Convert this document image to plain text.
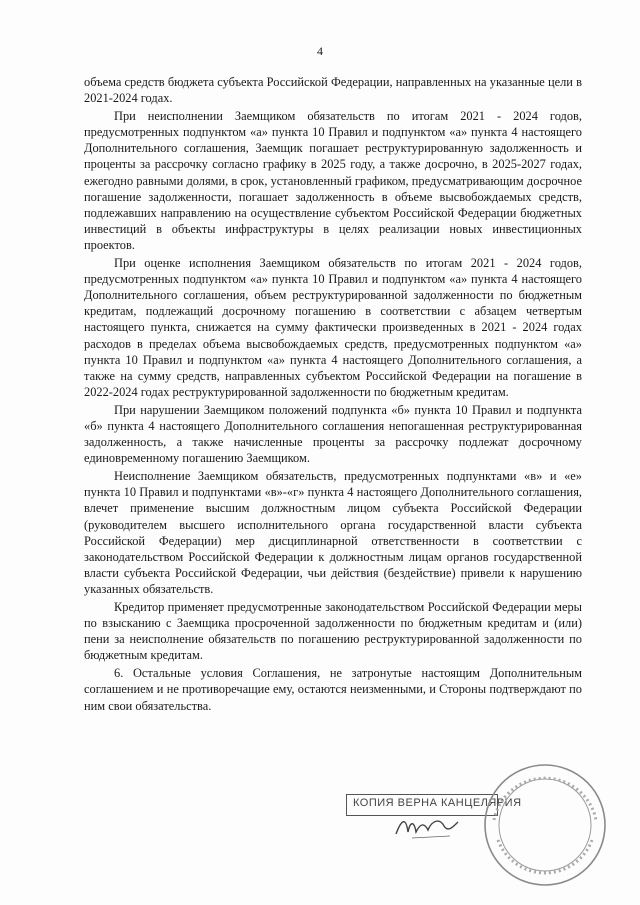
4

объема средств бюджета субъекта Российской Федерации, направленных на указанные цели в 2021-2024 годах.

При неисполнении Заемщиком обязательств по итогам 2021 - 2024 годов, предусмотренных подпунктом «а» пункта 10 Правил и подпунктом «а» пункта 4 настоящего Дополнительного соглашения, Заемщик погашает реструктурированную задолженность и проценты за рассрочку согласно графику в 2025 году, а также досрочно, в 2025-2027 годах, ежегодно равными долями, в срок, установленный графиком, предусматривающим досрочное погашение задолженности, погашает задолженность в объеме высвобождаемых средств, подлежавших направлению на осуществление субъектом Российской Федерации бюджетных инвестиций в объекты инфраструктуры в целях реализации новых инвестиционных проектов.

При оценке исполнения Заемщиком обязательств по итогам 2021 - 2024 годов, предусмотренных подпунктом «а» пункта 10 Правил и подпунктом «а» пункта 4 настоящего Дополнительного соглашения, объем реструктурированной задолженности по бюджетным кредитам, подлежащий досрочному погашению в соответствии с абзацем четвертым настоящего пункта, снижается на сумму фактически произведенных в 2021 - 2024 годах расходов в пределах объема высвобождаемых средств, предусмотренных подпунктом «а» пункта 10 Правил и подпунктом «а» пункта 4 настоящего Дополнительного соглашения, а также на сумму средств, направленных субъектом Российской Федерации на погашение в 2022-2024 годах реструктурированной задолженности по бюджетным кредитам.

При нарушении Заемщиком положений подпункта «б» пункта 10 Правил и подпункта «б» пункта 4 настоящего Дополнительного соглашения непогашенная реструктурированная задолженность, а также начисленные проценты за рассрочку подлежат досрочному единовременному погашению Заемщиком.

Неисполнение Заемщиком обязательств, предусмотренных подпунктами «в» и «е» пункта 10 Правил и подпунктами «в»-«г» пункта 4 настоящего Дополнительного соглашения, влечет применение высшим должностным лицом субъекта Российской Федерации (руководителем высшего исполнительного органа государственной власти субъекта Российской Федерации) мер дисциплинарной ответственности в соответствии с законодательством Российской Федерации к должностным лицам органов государственной власти субъекта Российской Федерации, чьи действия (бездействие) привели к нарушению указанных обязательств.

Кредитор применяет предусмотренные законодательством Российской Федерации меры по взысканию с Заемщика просроченной задолженности по бюджетным кредитам и (или) пени за неисполнение обязательств по погашению реструктурированной задолженности по бюджетным кредитам.

6. Остальные условия Соглашения, не затронутые настоящим Дополнительным соглашением и не противоречащие ему, остаются неизменными, и Стороны подтверждают по ним свои обязательства.

КОПИЯ ВЕРНА КАНЦЕЛЯРИЯ
